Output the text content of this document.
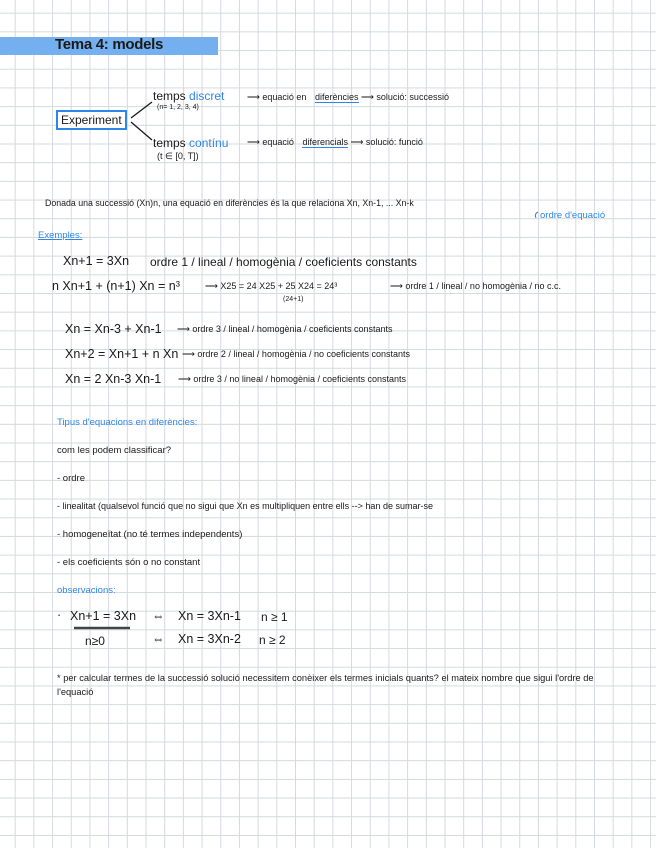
Tema 4: models
Experiment
temps discret
(n= 1, 2, 3, 4)
⟶ equació en diferències ⟶ solució: successió
temps contínu
(t ∈ [0, T])
⟶ equació diferencials ⟶ solució: funció
Donada una successió (Xn)n, una equació en diferències és la que relaciona Xn, Xn-1, ... Xn-k
ordre d'equació
Exemples:
Xn+1 = 3Xn ordre 1 / lineal / homogènia / coeficients constants
n Xn+1 + (n+1) Xn = n³	⟶ X25 = 24 X25 + 25 X24 = 24³
(24+1)
⟶ ordre 1 / lineal / no homogènia / no c.c.
Xn = Xn-3 + Xn-1 ⟶ ordre 3 / lineal / homogènia / coeficients constants
Xn+2 = Xn+1 + n Xn ⟶ ordre 2 / lineal / homogènia / no coeficients constants
Xn = 2 Xn-3 Xn-1 ⟶ ordre 3 / no lineal / homogènia / coeficients constants
Tipus d'equacions en diferències:
com les podem classificar?
- ordre
- linealitat (qualsevol funció que no sigui que Xn es multipliquen entre ells --> han de sumar-se
- homogeneïtat (no té termes independents)
- els coeficients són o no constant
observacions:
· Xn+1 = 3Xn ⇔ Xn = 3Xn-1 n ≥ 1
n≥0	⇔ Xn = 3Xn-2 n ≥ 2
* per calcular termes de la successió solució necessitem conèixer els termes inicials quants? el mateix nombre que sigui l'ordre de l'equació
